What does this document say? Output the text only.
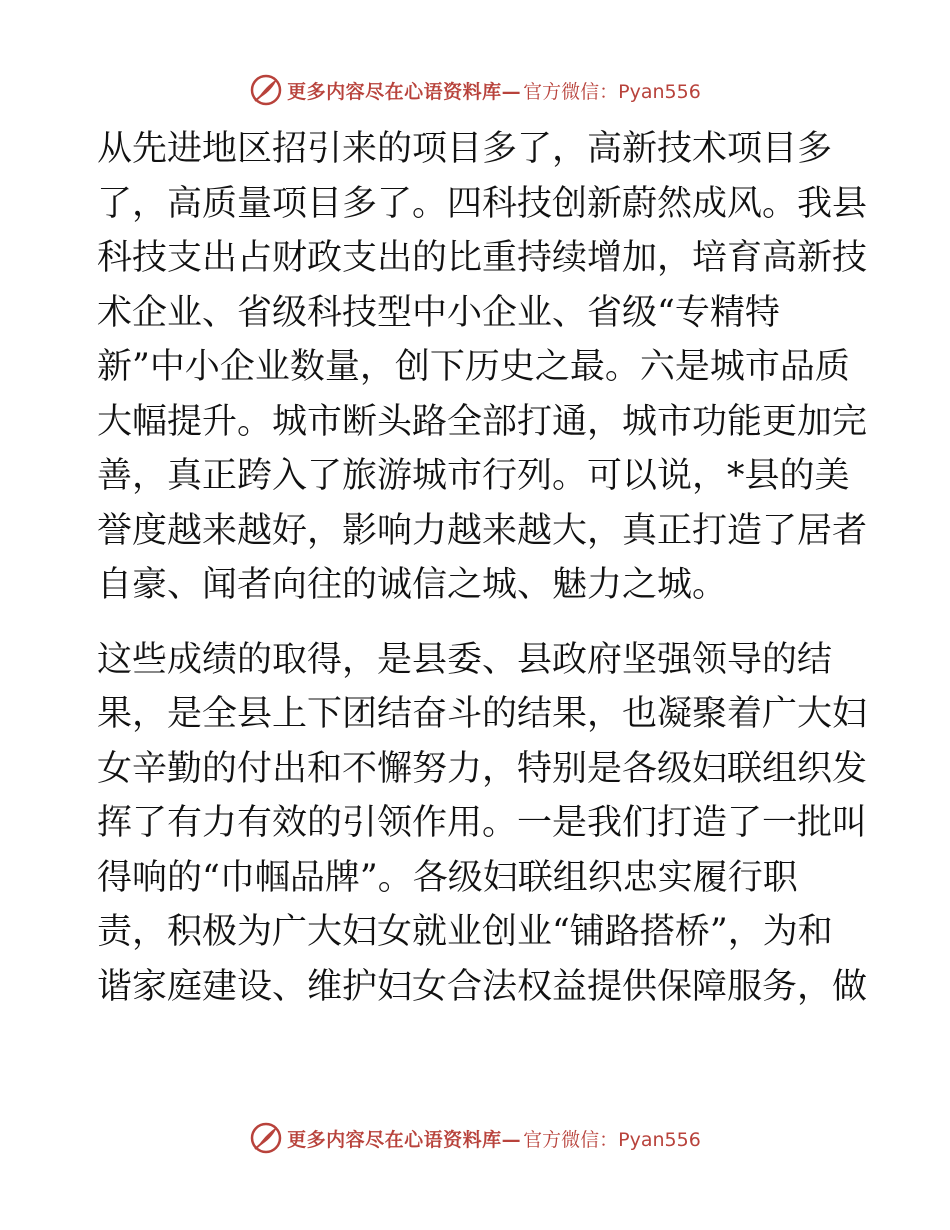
更多内容尽在心语资料库— 官方微信：Pyan556
从先进地区招引来的项目多了，高新技术项目多
了，高质量项目多了。四科技创新蔚然成风。我县
科技支出占财政支出的比重持续增加，培育高新技
术企业、省级科技型中小企业、省级“专精特
新”中小企业数量，创下历史之最。六是城市品质
大幅提升。城市断头路全部打通，城市功能更加完
善，真正跨入了旅游城市行列。可以说，*县的美
誉度越来越好，影响力越来越大，真正打造了居者
自豪、闻者向往的诚信之城、魅力之城。
这些成绩的取得，是县委、县政府坚强领导的结
果，是全县上下团结奋斗的结果，也凝聚着广大妇
女辛勤的付出和不懈努力，特别是各级妇联组织发
挥了有力有效的引领作用。一是我们打造了一批叫
得响的“巾帼品牌”。各级妇联组织忠实履行职
责，积极为广大妇女就业创业“铺路搭桥”，为和
谐家庭建设、维护妇女合法权益提供保障服务，做
更多内容尽在心语资料库— 官方微信：Pyan556
